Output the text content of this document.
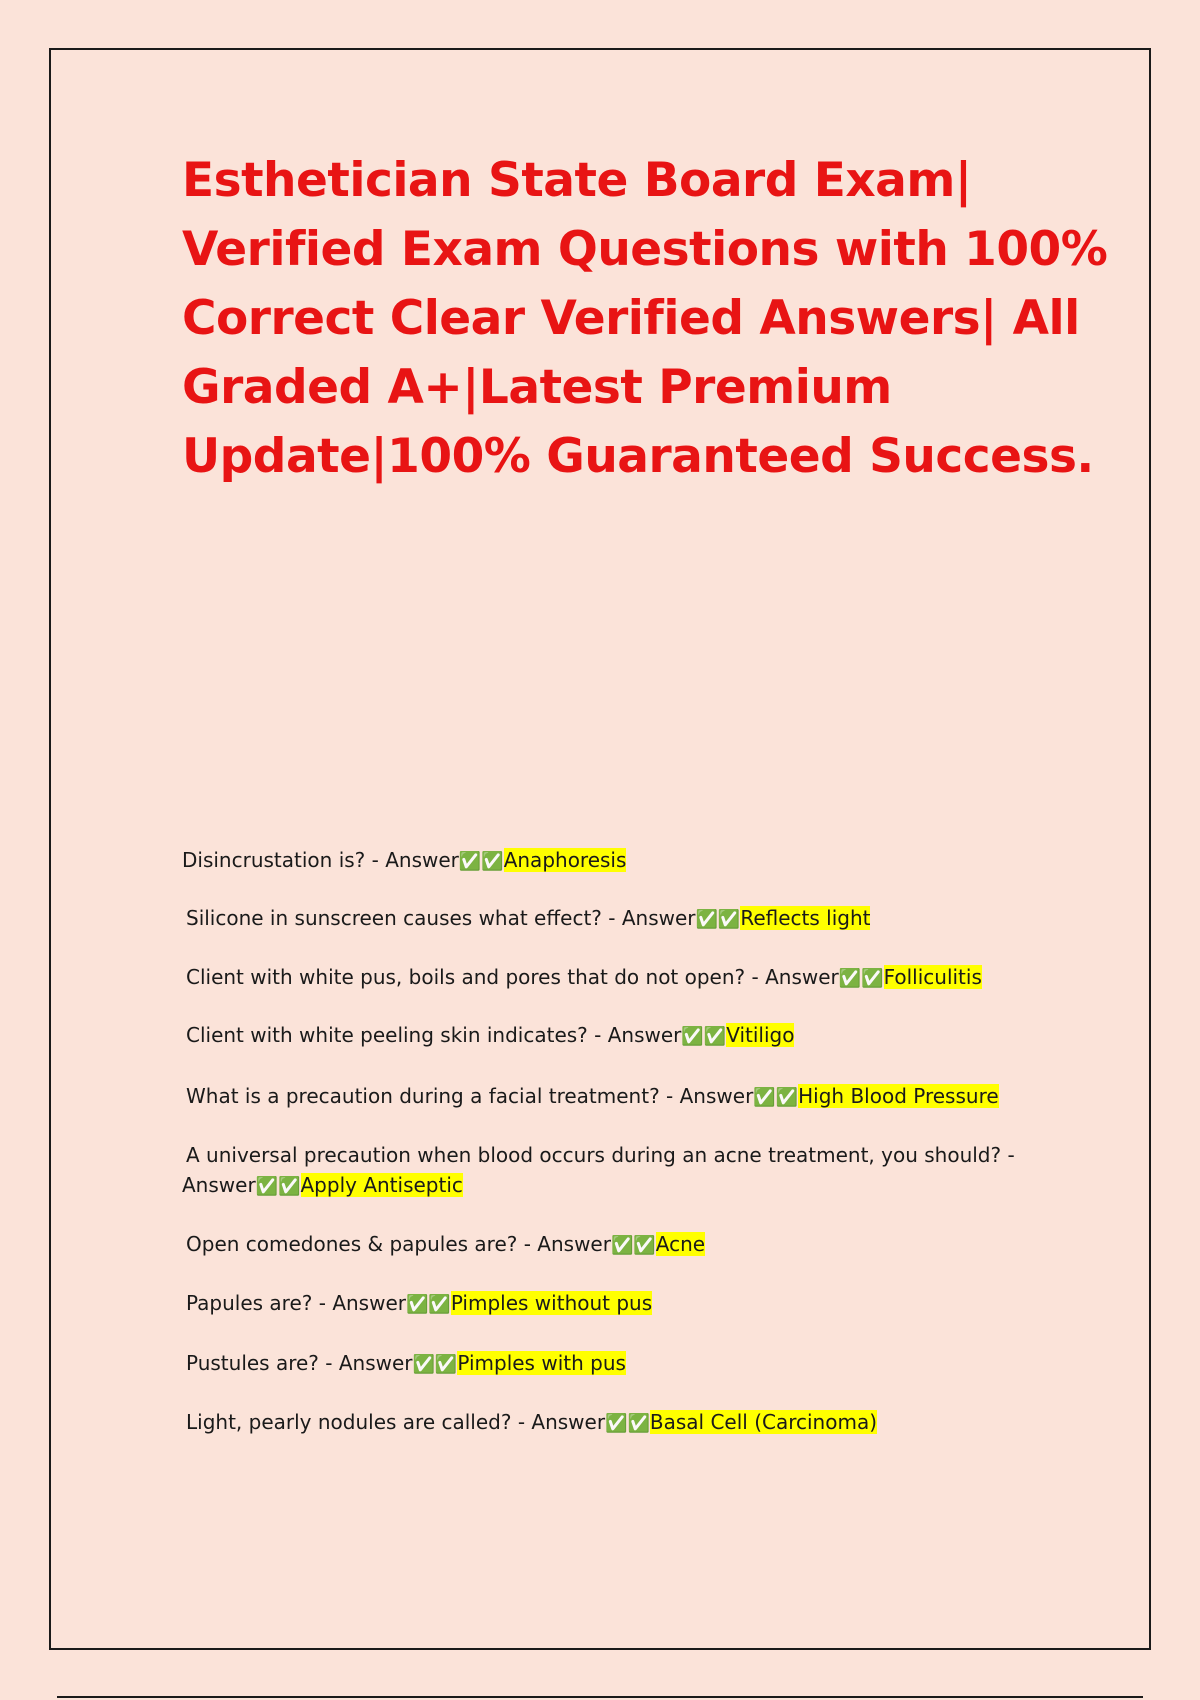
Esthetician State Board Exam|
Verified Exam Questions with 100%
Correct Clear Verified Answers| All
Graded A+|Latest Premium
Update|100% Guaranteed Success.
Disincrustation is? - Answer✅✅Anaphoresis
Silicone in sunscreen causes what effect? - Answer✅✅Reflects light
Client with white pus, boils and pores that do not open? - Answer✅✅Folliculitis
Client with white peeling skin indicates? - Answer✅✅Vitiligo
What is a precaution during a facial treatment? - Answer✅✅High Blood Pressure
A universal precaution when blood occurs during an acne treatment, you should? -
Answer✅✅Apply Antiseptic
Open comedones & papules are? - Answer✅✅Acne
Papules are? - Answer✅✅Pimples without pus
Pustules are? - Answer✅✅Pimples with pus
Light, pearly nodules are called? - Answer✅✅Basal Cell (Carcinoma)
